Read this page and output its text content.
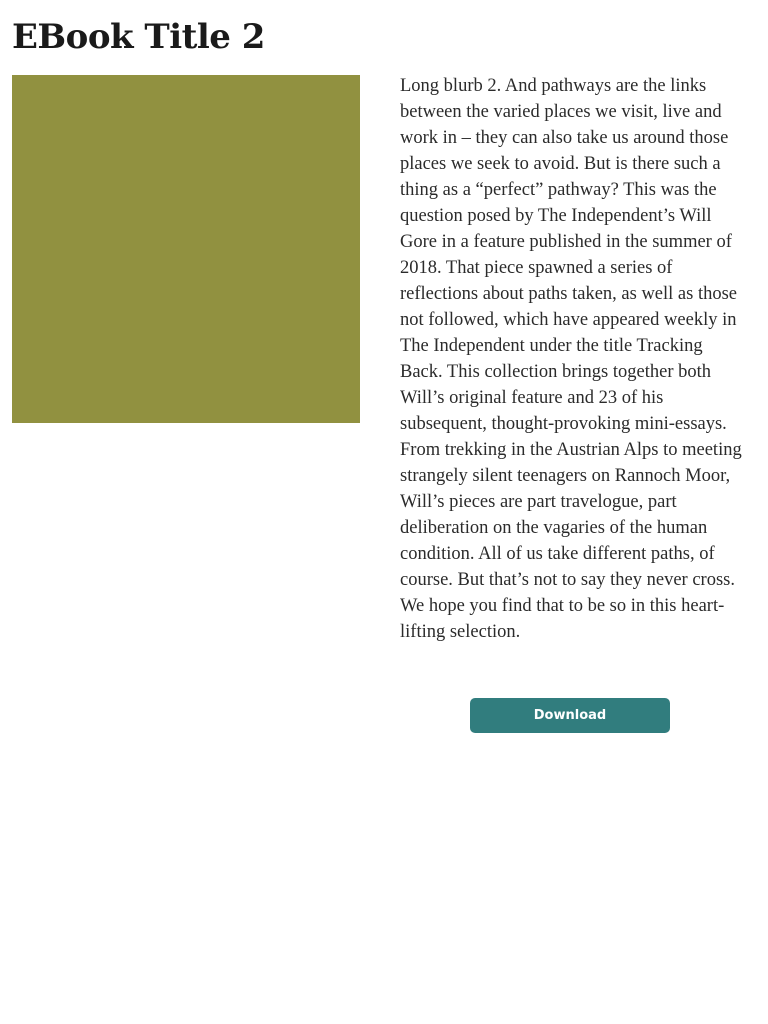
EBook Title 2

Long blurb 2. And pathways are the links between the varied places we visit, live and work in – they can also take us around those places we seek to avoid. But is there such a thing as a “perfect” pathway? This was the question posed by The Independent’s Will Gore in a feature published in the summer of 2018. That piece spawned a series of reflections about paths taken, as well as those not followed, which have appeared weekly in The Independent under the title Tracking Back. This collection brings together both Will’s original feature and 23 of his subsequent, thought-provoking mini-essays. From trekking in the Austrian Alps to meeting strangely silent teenagers on Rannoch Moor, Will’s pieces are part travelogue, part deliberation on the vagaries of the human condition. All of us take different paths, of course. But that’s not to say they never cross. We hope you find that to be so in this heart-lifting selection.

Download
